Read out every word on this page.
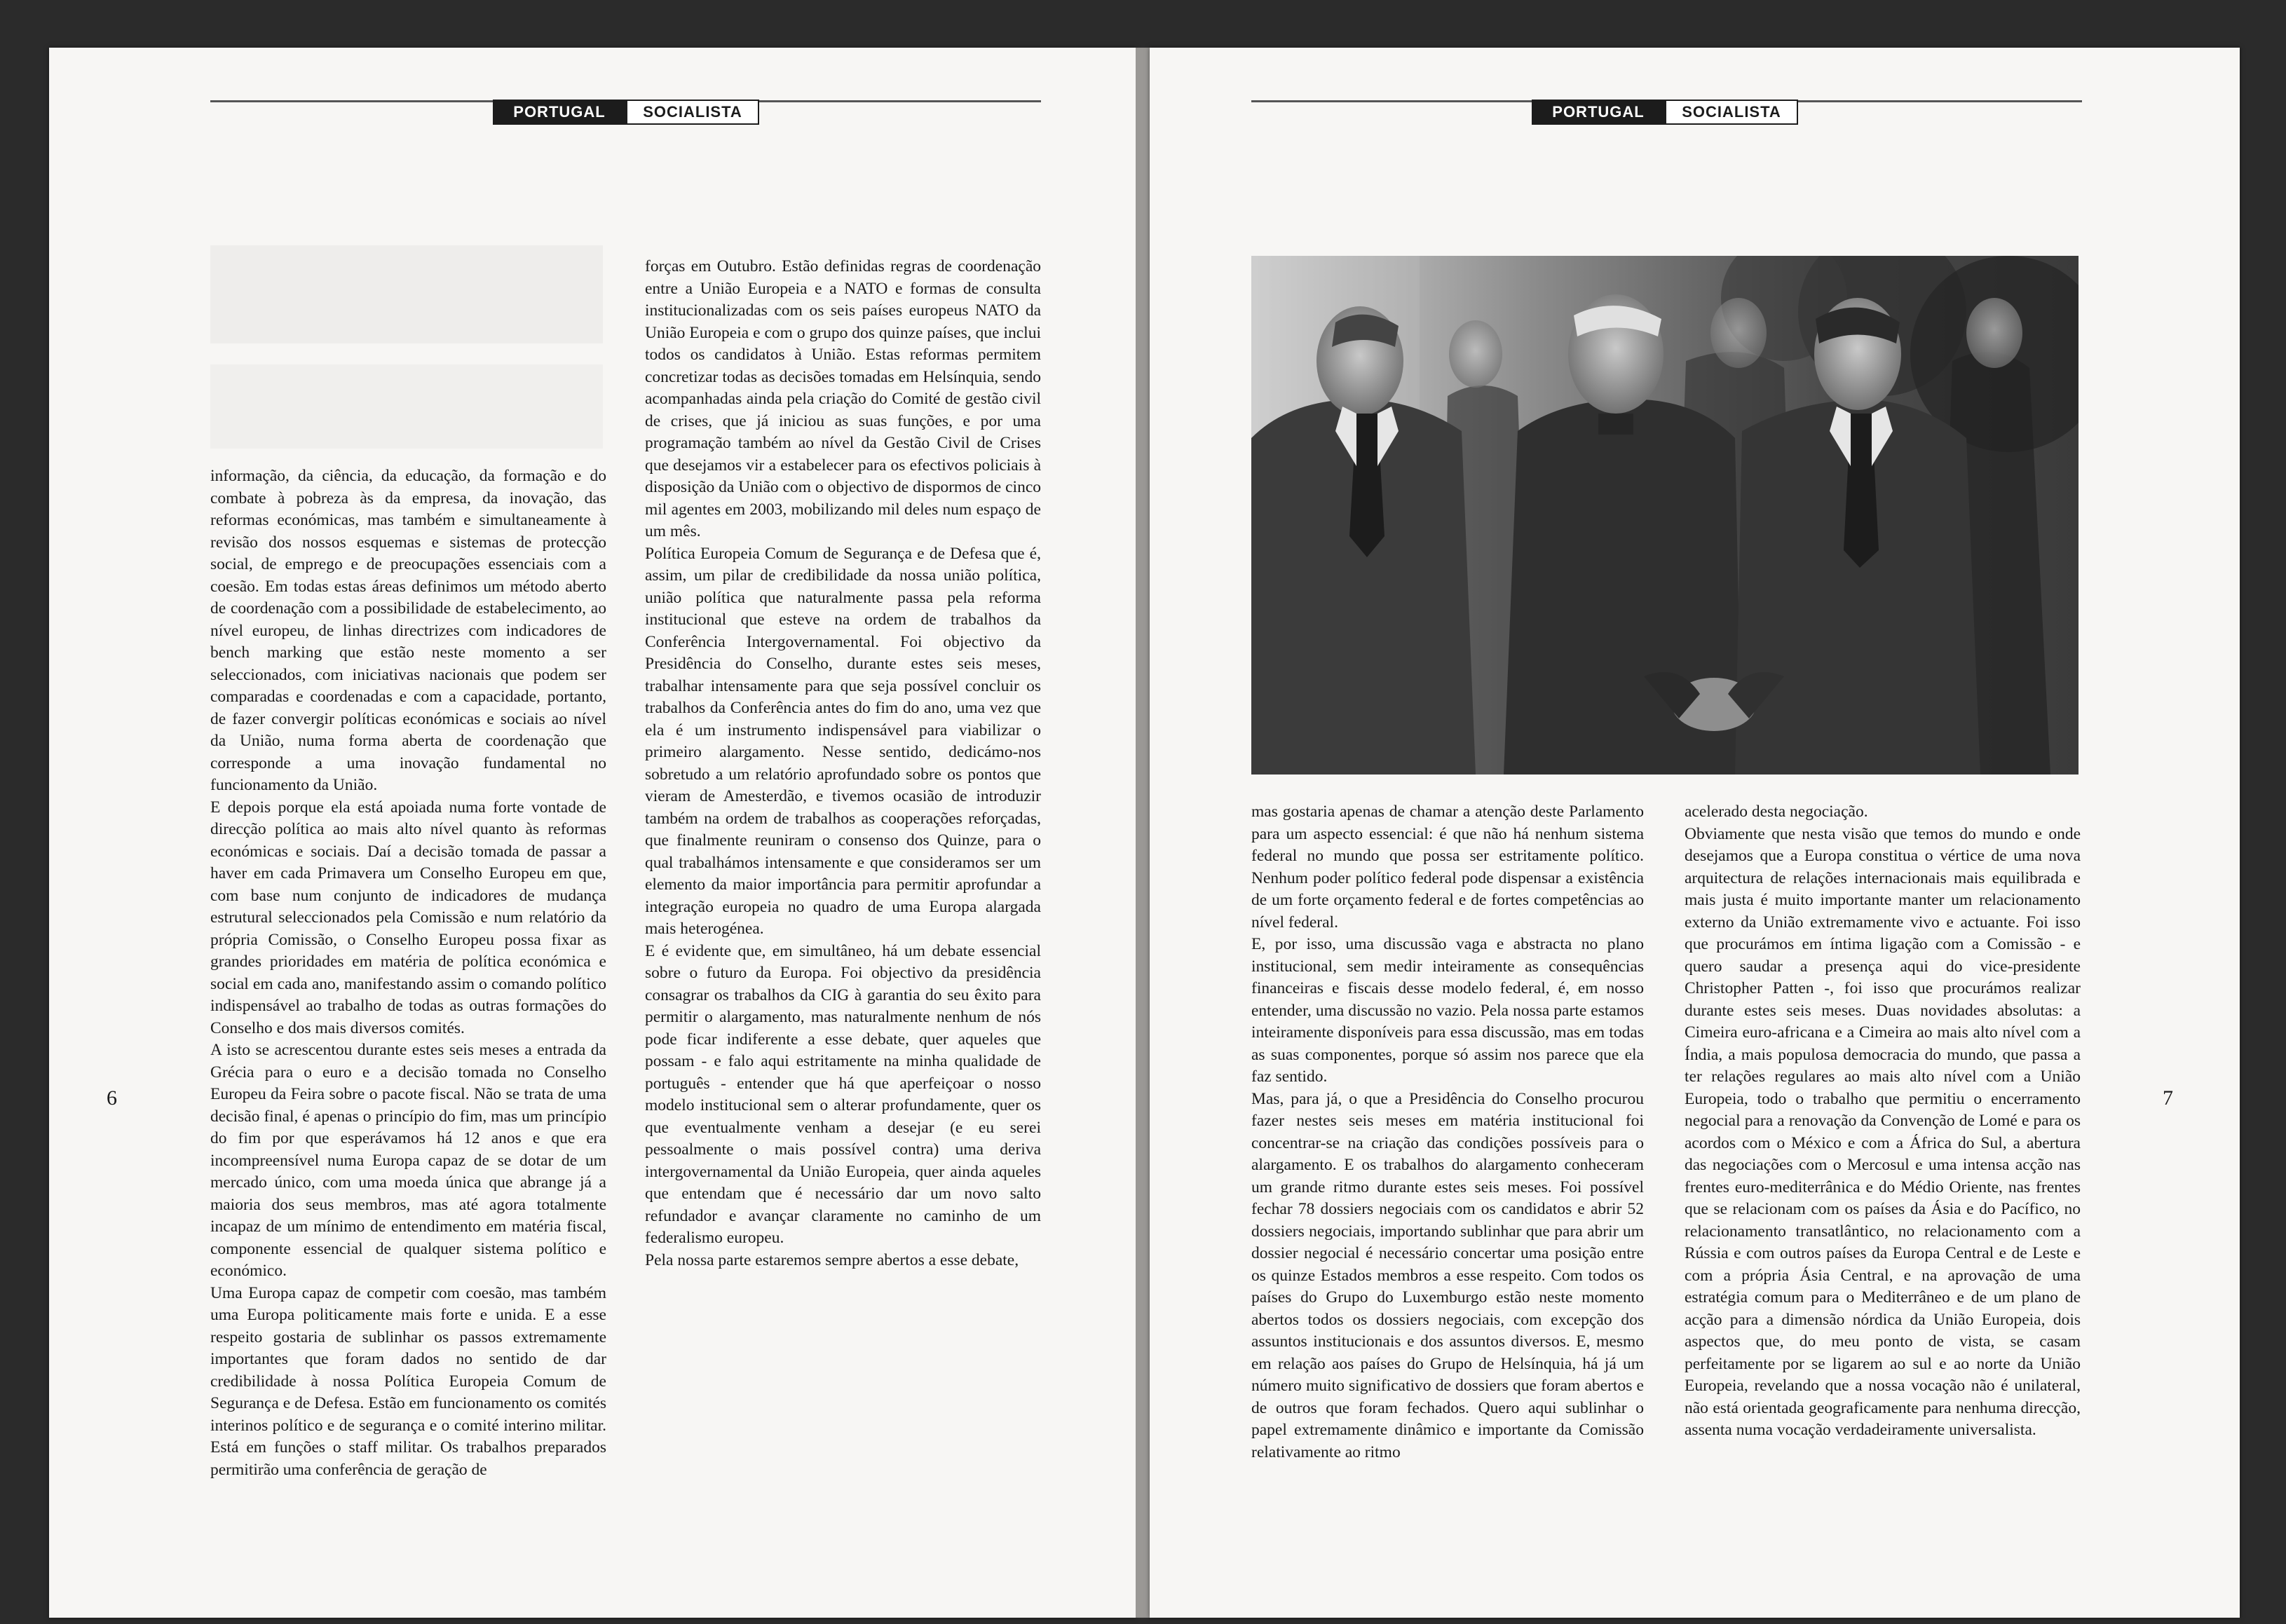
PORTUGAL	SOCIALISTA	PORTUGAL	SOCIALISTA

informação, da ciência, da educação, da formação e do combate à pobreza às da empresa, da inovação, das reformas económicas, mas também e simultaneamente à revisão dos nossos esquemas e sistemas de protecção social, de emprego e de preocupações essenciais com a coesão. Em todas estas áreas definimos um método aberto de coordenação com a possibilidade de estabelecimento, ao nível europeu, de linhas directrizes com indicadores de bench marking que estão neste momento a ser seleccionados, com iniciativas nacionais que podem ser comparadas e coordenadas e com a capacidade, portanto, de fazer convergir políticas económicas e sociais ao nível da União, numa forma aberta de coordenação que corresponde a uma inovação fundamental no funcionamento da União.

E depois porque ela está apoiada numa forte vontade de direcção política ao mais alto nível quanto às reformas económicas e sociais. Daí a decisão tomada de passar a haver em cada Primavera um Conselho Europeu em que, com base num conjunto de indicadores de mudança estrutural seleccionados pela Comissão e num relatório da própria Comissão, o Conselho Europeu possa fixar as grandes prioridades em matéria de política económica e social em cada ano, manifestando assim o comando político indispensável ao trabalho de todas as outras formações do Conselho e dos mais diversos comités.

A isto se acrescentou durante estes seis meses a entrada da Grécia para o euro e a decisão tomada no Conselho Europeu da Feira sobre o pacote fiscal. Não se trata de uma decisão final, é apenas o princípio do fim, mas um princípio do fim por que esperávamos há 12 anos e que era incompreensível numa Europa capaz de se dotar de um mercado único, com uma moeda única que abrange já a maioria dos seus membros, mas até agora totalmente incapaz de um mínimo de entendimento em matéria fiscal, componente essencial de qualquer sistema político e económico.

Uma Europa capaz de competir com coesão, mas também uma Europa politicamente mais forte e unida. E a esse respeito gostaria de sublinhar os passos extremamente importantes que foram dados no sentido de dar credibilidade à nossa Política Europeia Comum de Segurança e de Defesa. Estão em funcionamento os comités interinos político e de segurança e o comité interino militar. Está em funções o staff militar. Os trabalhos preparados permitirão uma conferência de geração de

forças em Outubro. Estão definidas regras de coordenação entre a União Europeia e a NATO e formas de consulta institucionalizadas com os seis países europeus NATO da União Europeia e com o grupo dos quinze países, que inclui todos os candidatos à União. Estas reformas permitem concretizar todas as decisões tomadas em Helsínquia, sendo acompanhadas ainda pela criação do Comité de gestão civil de crises, que já iniciou as suas funções, e por uma programação também ao nível da Gestão Civil de Crises que desejamos vir a estabelecer para os efectivos policiais à disposição da União com o objectivo de dispormos de cinco mil agentes em 2003, mobilizando mil deles num espaço de um mês.

Política Europeia Comum de Segurança e de Defesa que é, assim, um pilar de credibilidade da nossa união política, união política que naturalmente passa pela reforma institucional que esteve na ordem de trabalhos da Conferência Intergovernamental. Foi objectivo da Presidência do Conselho, durante estes seis meses, trabalhar intensamente para que seja possível concluir os trabalhos da Conferência antes do fim do ano, uma vez que ela é um instrumento indispensável para viabilizar o primeiro alargamento. Nesse sentido, dedicámo-nos sobretudo a um relatório aprofundado sobre os pontos que vieram de Amesterdão, e tivemos ocasião de introduzir também na ordem de trabalhos as cooperações reforçadas, que finalmente reuniram o consenso dos Quinze, para o qual trabalhámos intensamente e que consideramos ser um elemento da maior importância para permitir aprofundar a integração europeia no quadro de uma Europa alargada mais heterogénea.

E é evidente que, em simultâneo, há um debate essencial sobre o futuro da Europa. Foi objectivo da presidência consagrar os trabalhos da CIG à garantia do seu êxito para permitir o alargamento, mas naturalmente nenhum de nós pode ficar indiferente a esse debate, quer aqueles que possam - e falo aqui estritamente na minha qualidade de português - entender que há que aperfeiçoar o nosso modelo institucional sem o alterar profundamente, quer os que eventualmente venham a desejar (e eu serei pessoalmente o mais possível contra) uma deriva intergovernamental da União Europeia, quer ainda aqueles que entendam que é necessário dar um novo salto refundador e avançar claramente no caminho de um federalismo europeu.

Pela nossa parte estaremos sempre abertos a esse debate,

6	7

mas gostaria apenas de chamar a atenção deste Parlamento para um aspecto essencial: é que não há nenhum sistema federal no mundo que possa ser estritamente político. Nenhum poder político federal pode dispensar a existência de um forte orçamento federal e de fortes competências ao nível federal.

E, por isso, uma discussão vaga e abstracta no plano institucional, sem medir inteiramente as consequências financeiras e fiscais desse modelo federal, é, em nosso entender, uma discussão no vazio. Pela nossa parte estamos inteiramente disponíveis para essa discussão, mas em todas as suas componentes, porque só assim nos parece que ela faz sentido.

Mas, para já, o que a Presidência do Conselho procurou fazer nestes seis meses em matéria institucional foi concentrar-se na criação das condições possíveis para o alargamento. E os trabalhos do alargamento conheceram um grande ritmo durante estes seis meses. Foi possível fechar 78 dossiers negociais com os candidatos e abrir 52 dossiers negociais, importando sublinhar que para abrir um dossier negocial é necessário concertar uma posição entre os quinze Estados membros a esse respeito. Com todos os países do Grupo do Luxemburgo estão neste momento abertos todos os dossiers negociais, com excepção dos assuntos institucionais e dos assuntos diversos. E, mesmo em relação aos países do Grupo de Helsínquia, há já um número muito significativo de dossiers que foram abertos e de outros que foram fechados. Quero aqui sublinhar o papel extremamente dinâmico e importante da Comissão relativamente ao ritmo

acelerado desta negociação.

Obviamente que nesta visão que temos do mundo e onde desejamos que a Europa constitua o vértice de uma nova arquitectura de relações internacionais mais equilibrada e mais justa é muito importante manter um relacionamento externo da União extremamente vivo e actuante. Foi isso que procurámos em íntima ligação com a Comissão - e quero saudar a presença aqui do vice-presidente Christopher Patten -, foi isso que procurámos realizar durante estes seis meses. Duas novidades absolutas: a Cimeira euro-africana e a Cimeira ao mais alto nível com a Índia, a mais populosa democracia do mundo, que passa a ter relações regulares ao mais alto nível com a União Europeia, todo o trabalho que permitiu o encerramento negocial para a renovação da Convenção de Lomé e para os acordos com o México e com a África do Sul, a abertura das negociações com o Mercosul e uma intensa acção nas frentes euro-mediterrânica e do Médio Oriente, nas frentes que se relacionam com os países da Ásia e do Pacífico, no relacionamento transatlântico, no relacionamento com a Rússia e com outros países da Europa Central e de Leste e com a própria Ásia Central, e na aprovação de uma estratégia comum para o Mediterrâneo e de um plano de acção para a dimensão nórdica da União Europeia, dois aspectos que, do meu ponto de vista, se casam perfeitamente por se ligarem ao sul e ao norte da União Europeia, revelando que a nossa vocação não é unilateral, não está orientada geograficamente para nenhuma direcção, assenta numa vocação verdadeiramente universalista.
